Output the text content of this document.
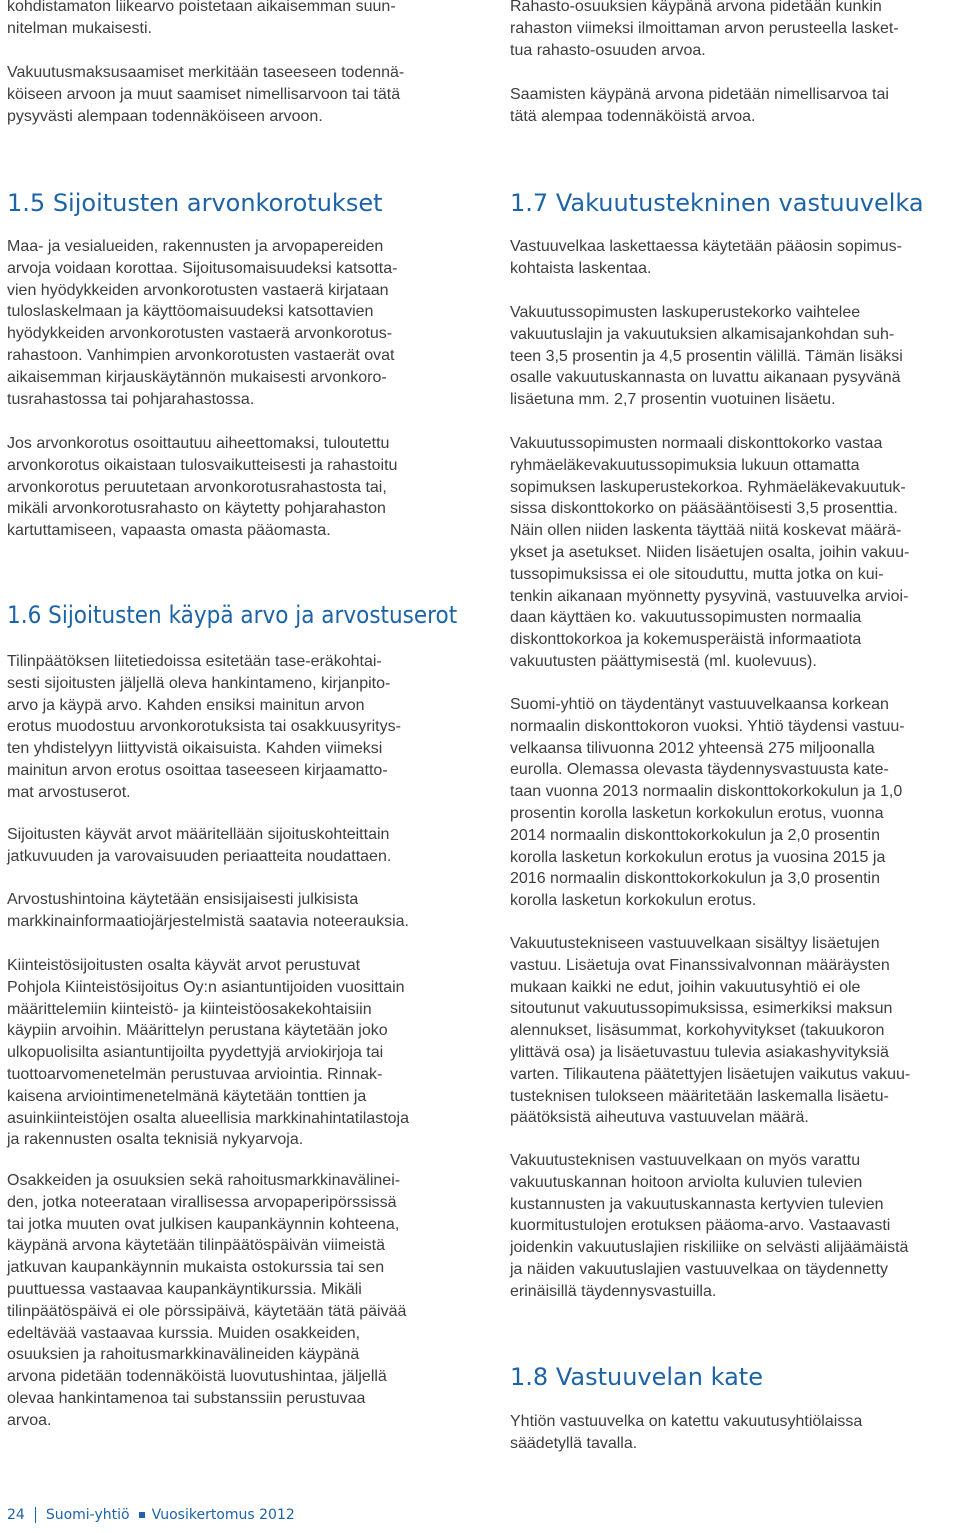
kohdistamaton liikearvo poistetaan aikaisemman suun-
nitelman mukaisesti.

Vakuutusmaksusaamiset merkitään taseeseen todennä-
köiseen arvoon ja muut saamiset nimellisarvoon tai tätä
pysyvästi alempaan todennäköiseen arvoon.

1.5 Sijoitusten arvonkorotukset

Maa- ja vesialueiden, rakennusten ja arvopapereiden
arvoja voidaan korottaa. Sijoitusomaisuudeksi katsotta-
vien hyödykkeiden arvonkorotusten vastaerä kirjataan
tuloslaskelmaan ja käyttöomaisuudeksi katsottavien
hyödykkeiden arvonkorotusten vastaerä arvonkorotus-
rahastoon. Vanhimpien arvonkorotusten vastaerät ovat
aikaisemman kirjauskäytännön mukaisesti arvonkoro-
tusrahastossa tai pohjarahastossa.

Jos arvonkorotus osoittautuu aiheettomaksi, tuloutettu
arvonkorotus oikaistaan tulosvaikutteisesti ja rahastoitu
arvonkorotus peruutetaan arvonkorotusrahastosta tai,
mikäli arvonkorotusrahasto on käytetty pohjarahaston
kartuttamiseen, vapaasta omasta pääomasta.

1.6 Sijoitusten käypä arvo ja arvostuserot

Tilinpäätöksen liitetiedoissa esitetään tase-eräkohtai-
sesti sijoitusten jäljellä oleva hankintameno, kirjanpito-
arvo ja käypä arvo. Kahden ensiksi mainitun arvon
erotus muodostuu arvonkorotuksista tai osakkuusyritys-
ten yhdistelyyn liittyvistä oikaisuista. Kahden viimeksi
mainitun arvon erotus osoittaa taseeseen kirjaamatto-
mat arvostuserot.

Sijoitusten käyvät arvot määritellään sijoituskohteittain
jatkuvuuden ja varovaisuuden periaatteita noudattaen.

Arvostushintoina käytetään ensisijaisesti julkisista
markkinainformaatiojärjestelmistä saatavia noteerauksia.

Kiinteistösijoitusten osalta käyvät arvot perustuvat
Pohjola Kiinteistösijoitus Oy:n asiantuntijoiden vuosittain
määrittelemiin kiinteistö- ja kiinteistöosakekohtaisiin
käypiin arvoihin. Määrittelyn perustana käytetään joko
ulkopuolisilta asiantuntijoilta pyydettyjä arviokirjoja tai
tuottoarvomenetelmän perustuvaa arviointia. Rinnak-
kaisena arviointimenetelmänä käytetään tonttien ja
asuinkiinteistöjen osalta alueellisia markkinahintatilastoja
ja rakennusten osalta teknisiä nykyarvoja.

Osakkeiden ja osuuksien sekä rahoitusmarkkinavälinei-
den, jotka noteerataan virallisessa arvopaperipörssissä
tai jotka muuten ovat julkisen kaupankäynnin kohteena,
käypänä arvona käytetään tilinpäätöspäivän viimeistä
jatkuvan kaupankäynnin mukaista ostokurssia tai sen
puuttuessa vastaavaa kaupankäyntikurssia. Mikäli
tilinpäätöspäivä ei ole pörssipäivä, käytetään tätä päivää
edeltävää vastaavaa kurssia. Muiden osakkeiden,
osuuksien ja rahoitusmarkkinavälineiden käypänä
arvona pidetään todennäköistä luovutushintaa, jäljellä
olevaa hankintamenoa tai substanssiin perustuvaa
arvoa.

Rahasto-osuuksien käypänä arvona pidetään kunkin
rahaston viimeksi ilmoittaman arvon perusteella lasket-
tua rahasto-osuuden arvoa.

Saamisten käypänä arvona pidetään nimellisarvoa tai
tätä alempaa todennäköistä arvoa.

1.7 Vakuutustekninen vastuuvelka

Vastuuvelkaa laskettaessa käytetään pääosin sopimus-
kohtaista laskentaa.

Vakuutussopimusten laskuperustekorko vaihtelee
vakuutuslajin ja vakuutuksien alkamisajankohdan suh-
teen 3,5 prosentin ja 4,5 prosentin välillä. Tämän lisäksi
osalle vakuutuskannasta on luvattu aikanaan pysyvänä
lisäetuna mm. 2,7 prosentin vuotuinen lisäetu.

Vakuutussopimusten normaali diskonttokorko vastaa
ryhmäeläkevakuutussopimuksia lukuun ottamatta
sopimuksen laskuperustekorkoa. Ryhmäeläkevakuutuk-
sissa diskonttokorko on pääsääntöisesti 3,5 prosenttia.
Näin ollen niiden laskenta täyttää niitä koskevat määrä-
ykset ja asetukset. Niiden lisäetujen osalta, joihin vakuu-
tussopimuksissa ei ole sitouduttu, mutta jotka on kui-
tenkin aikanaan myönnetty pysyvinä, vastuuvelka arvioi-
daan käyttäen ko. vakuutussopimusten normaalia
diskonttokorkoa ja kokemusperäistä informaatiota
vakuutusten päättymisestä (ml. kuolevuus).

Suomi-yhtiö on täydentänyt vastuuvelkaansa korkean
normaalin diskonttokoron vuoksi. Yhtiö täydensi vastuu-
velkaansa tilivuonna 2012 yhteensä 275 miljoonalla
eurolla. Olemassa olevasta täydennysvastuusta kate-
taan vuonna 2013 normaalin diskonttokorkokulun ja 1,0
prosentin korolla lasketun korkokulun erotus, vuonna
2014 normaalin diskonttokorkokulun ja 2,0 prosentin
korolla lasketun korkokulun erotus ja vuosina 2015 ja
2016 normaalin diskonttokorkokulun ja 3,0 prosentin
korolla lasketun korkokulun erotus.

Vakuutustekniseen vastuuvelkaan sisältyy lisäetujen
vastuu. Lisäetuja ovat Finanssivalvonnan määräysten
mukaan kaikki ne edut, joihin vakuutusyhtiö ei ole
sitoutunut vakuutussopimuksissa, esimerkiksi maksun
alennukset, lisäsummat, korkohyvitykset (takuukoron
ylittävä osa) ja lisäetuvastuu tulevia asiakashyvityksiä
varten. Tilikautena päätettyjen lisäetujen vaikutus vakuu-
tusteknisen tulokseen määritetään laskemalla lisäetu-
päätöksistä aiheutuva vastuuvelan määrä.

Vakuutusteknisen vastuuvelkaan on myös varattu
vakuutuskannan hoitoon arviolta kuluvien tulevien
kustannusten ja vakuutuskannasta kertyvien tulevien
kuormitustulojen erotuksen pääoma-arvo. Vastaavasti
joidenkin vakuutuslajien riskiliike on selvästi alijäämäistä
ja näiden vakuutuslajien vastuuvelkaa on täydennetty
erinäisillä täydennysvastuilla.

1.8 Vastuuvelan kate

Yhtiön vastuuvelka on katettu vakuutusyhtiölaissa
säädetyllä tavalla.

24 Suomi-yhtiö Vuosikertomus 2012
